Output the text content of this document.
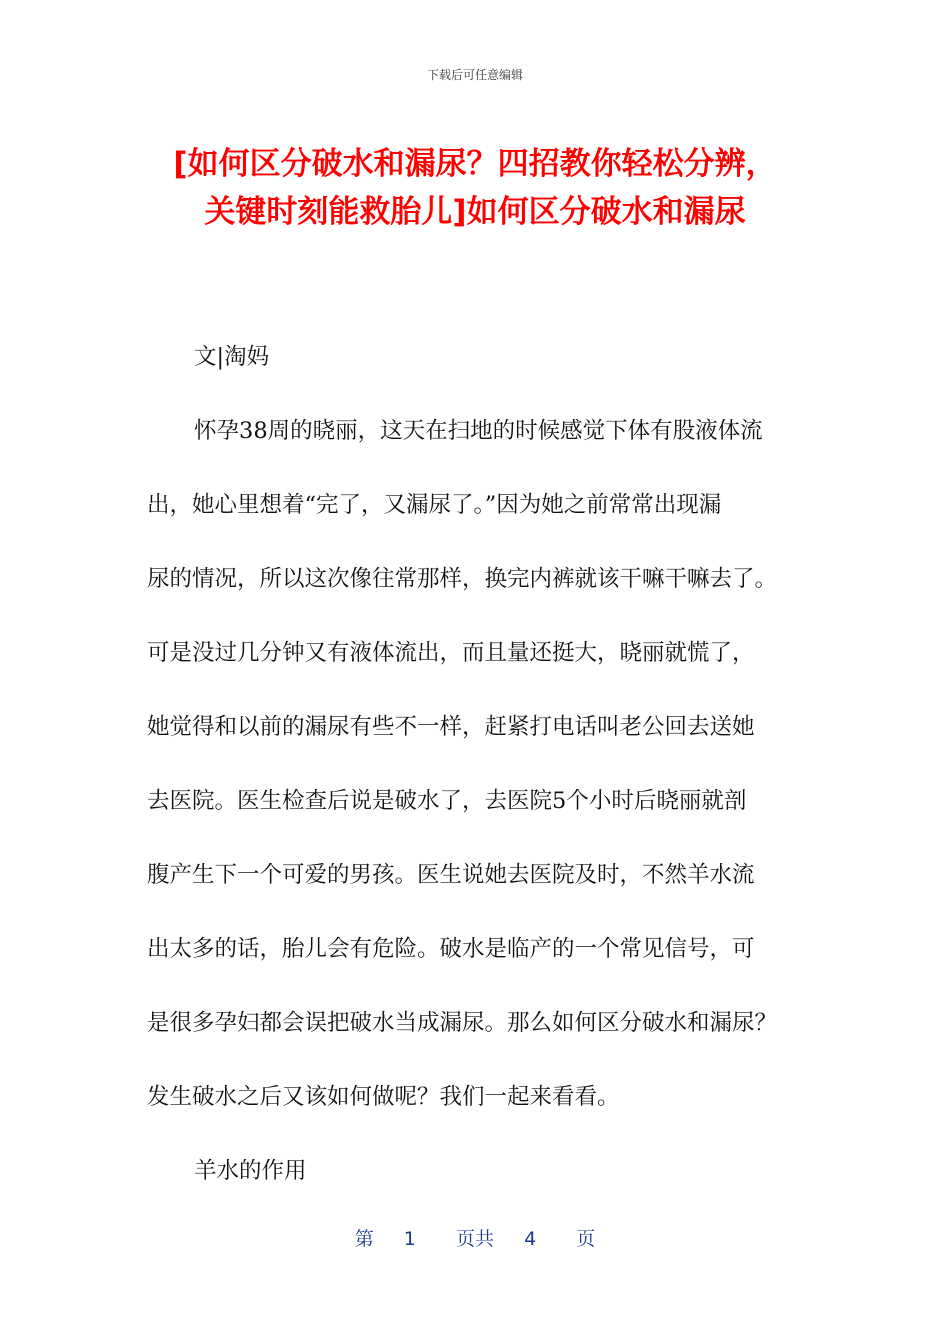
下载后可任意编辑
[如何区分破水和漏尿？四招教你轻松分辨，
关键时刻能救胎儿]如何区分破水和漏尿

文|淘妈

怀孕38周的晓丽，这天在扫地的时候感觉下体有股液体流
出，她心里想着“完了，又漏尿了。”因为她之前常常出现漏
尿的情况，所以这次像往常那样，换完内裤就该干嘛干嘛去了。
可是没过几分钟又有液体流出，而且量还挺大，晓丽就慌了，
她觉得和以前的漏尿有些不一样，赶紧打电话叫老公回去送她
去医院。医生检查后说是破水了，去医院5个小时后晓丽就剖
腹产生下一个可爱的男孩。医生说她去医院及时，不然羊水流
出太多的话，胎儿会有危险。破水是临产的一个常见信号，可
是很多孕妇都会误把破水当成漏尿。那么如何区分破水和漏尿？
发生破水之后又该如何做呢？我们一起来看看。

羊水的作用

第 1 页共 4 页
